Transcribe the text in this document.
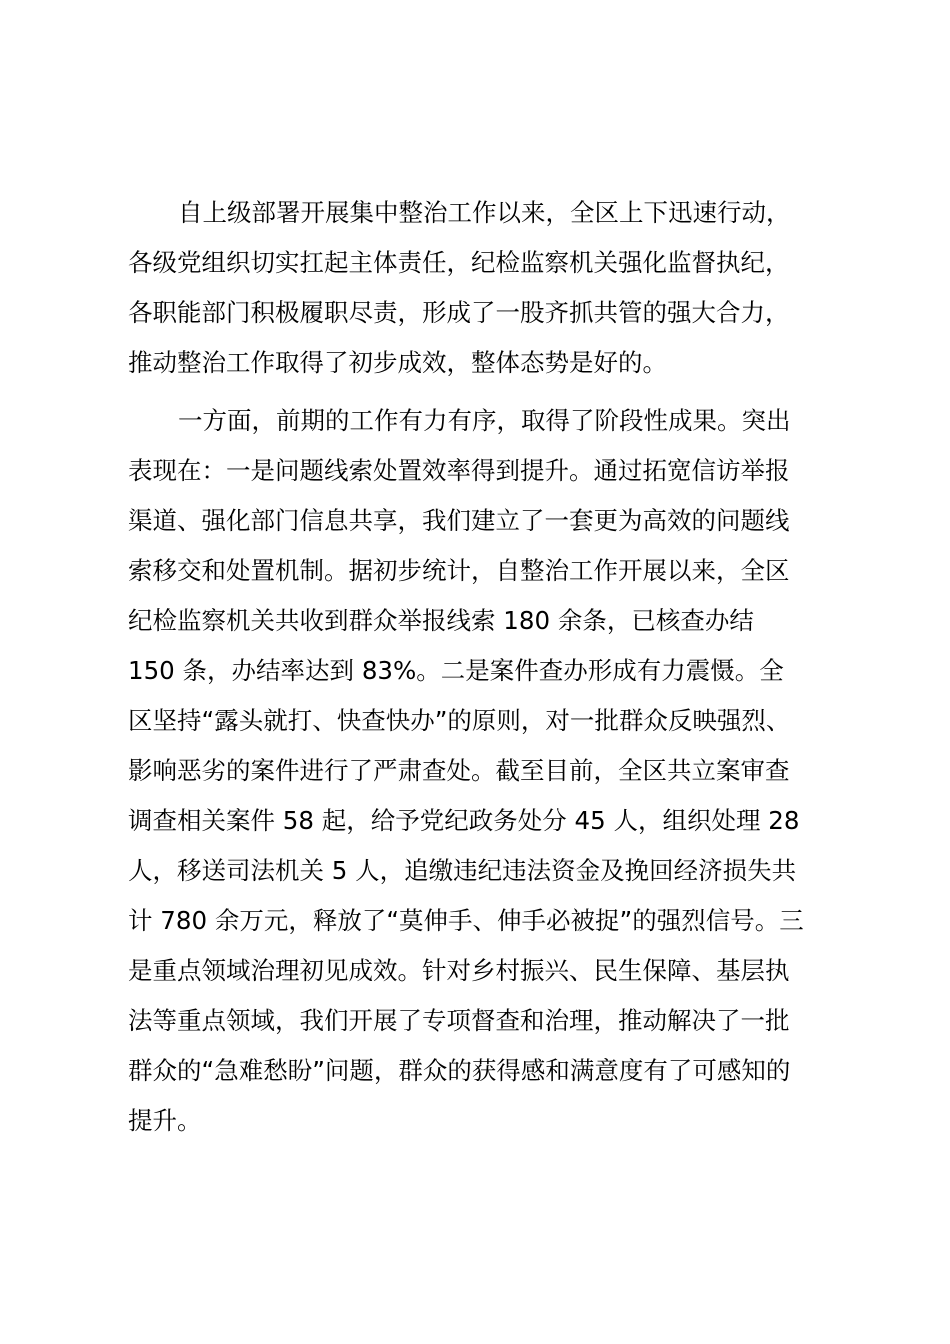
自上级部署开展集中整治工作以来，全区上下迅速行动，
各级党组织切实扛起主体责任，纪检监察机关强化监督执纪，
各职能部门积极履职尽责，形成了一股齐抓共管的强大合力，
推动整治工作取得了初步成效，整体态势是好的。
一方面，前期的工作有力有序，取得了阶段性成果。突出
表现在：一是问题线索处置效率得到提升。通过拓宽信访举报
渠道、强化部门信息共享，我们建立了一套更为高效的问题线
索移交和处置机制。据初步统计，自整治工作开展以来，全区
纪检监察机关共收到群众举报线索 180 余条，已核查办结
150 条，办结率达到 83%。二是案件查办形成有力震慑。全
区坚持“露头就打、快查快办”的原则，对一批群众反映强烈、
影响恶劣的案件进行了严肃查处。截至目前，全区共立案审查
调查相关案件 58 起，给予党纪政务处分 45 人，组织处理 28
人，移送司法机关 5 人，追缴违纪违法资金及挽回经济损失共
计 780 余万元，释放了“莫伸手、伸手必被捉”的强烈信号。三
是重点领域治理初见成效。针对乡村振兴、民生保障、基层执
法等重点领域，我们开展了专项督查和治理，推动解决了一批
群众的“急难愁盼”问题，群众的获得感和满意度有了可感知的
提升。
